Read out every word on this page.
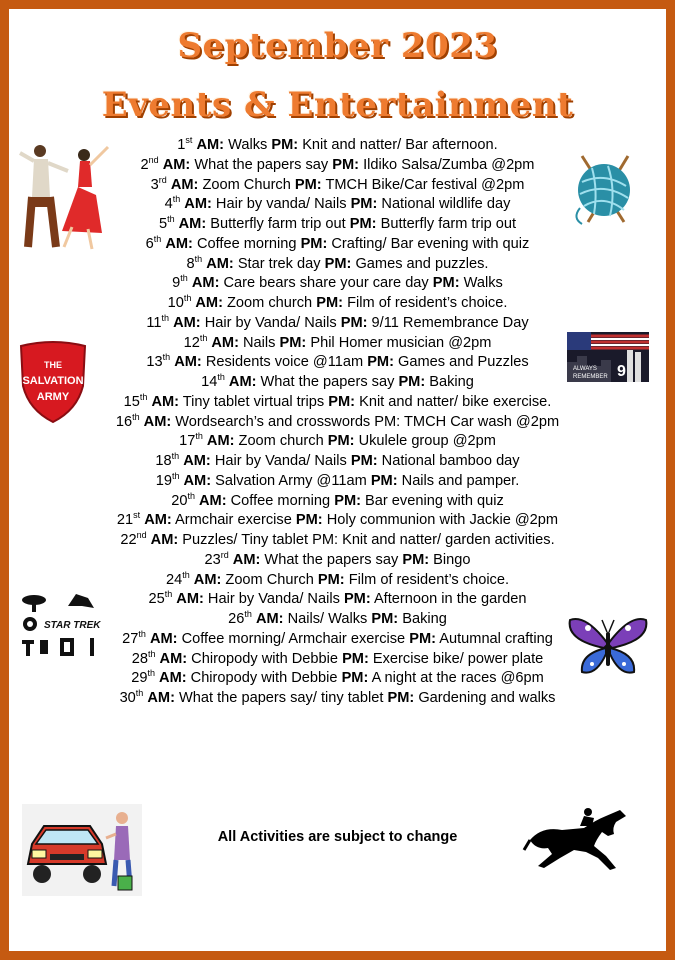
September 2023
Events & Entertainment
1st AM: Walks PM: Knit and natter/ Bar afternoon.
2nd AM: What the papers say PM: Ildiko Salsa/Zumba @2pm
3rd AM: Zoom Church PM: TMCH Bike/Car festival @2pm
4th AM: Hair by vanda/ Nails PM: National wildlife day
5th AM: Butterfly farm trip out PM: Butterfly farm trip out
6th AM: Coffee morning PM: Crafting/ Bar evening with quiz
8th AM: Star trek day PM: Games and puzzles.
9th AM: Care bears share your care day PM: Walks
10th AM: Zoom church PM: Film of resident’s choice.
11th AM: Hair by Vanda/ Nails PM: 9/11 Remembrance Day
12th AM: Nails PM: Phil Homer musician @2pm
13th AM: Residents voice @11am PM: Games and Puzzles
14th AM: What the papers say PM: Baking
15th AM: Tiny tablet virtual trips PM: Knit and natter/ bike exercise.
16th AM: Wordsearch’s and crosswords PM: TMCH Car wash @2pm
17th AM: Zoom church PM: Ukulele group @2pm
18th AM: Hair by Vanda/ Nails PM: National bamboo day
19th AM: Salvation Army @11am PM: Nails and pamper.
20th AM: Coffee morning PM: Bar evening with quiz
21st AM: Armchair exercise PM: Holy communion with Jackie @2pm
22nd AM: Puzzles/ Tiny tablet PM: Knit and natter/ garden activities.
23rd AM: What the papers say PM: Bingo
24th AM: Zoom Church PM: Film of resident’s choice.
25th AM: Hair by Vanda/ Nails PM: Afternoon in the garden
26th AM: Nails/ Walks PM: Baking
27th AM: Coffee morning/ Armchair exercise PM: Autumnal crafting
28th AM: Chiropody with Debbie PM: Exercise bike/ power plate
29th AM: Chiropody with Debbie PM: A night at the races @6pm
30th AM: What the papers say/ tiny tablet PM: Gardening and walks
All Activities are subject to change
THE
SALVATION
ARMY
ALWAYS
REMEMBER 9
STAR TREK
